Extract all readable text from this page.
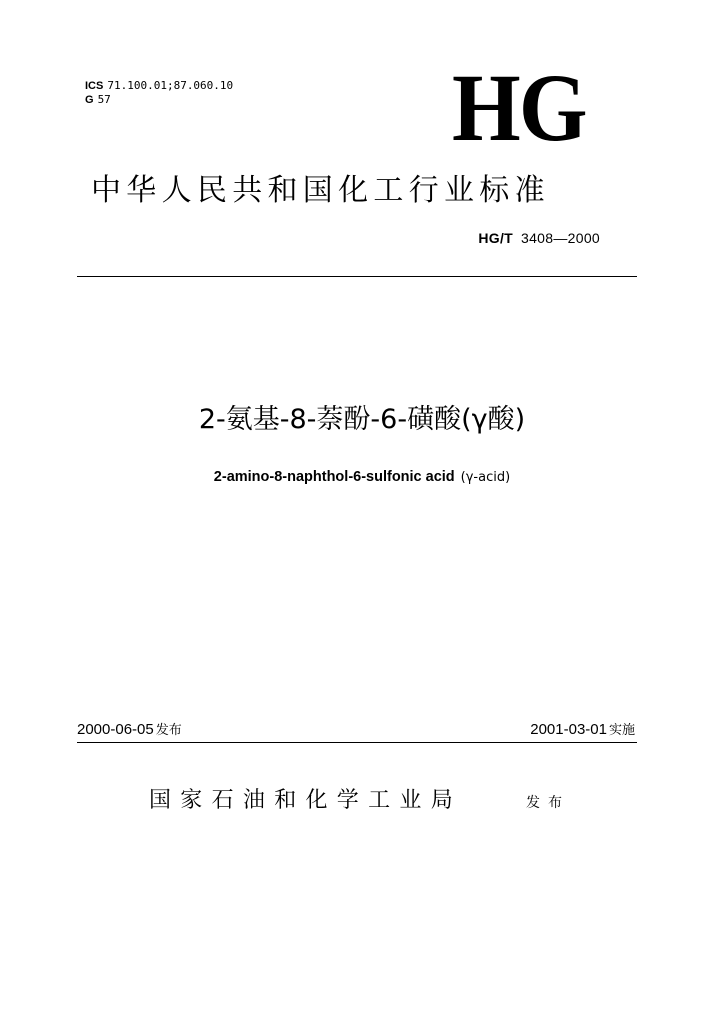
ICS 71.100.01;87.060.10
G 57	HG
中华人民共和国化工行业标准
HG/T 3408—2000
2-氨基-8-萘酚-6-磺酸(γ酸)
2-amino-8-naphthol-6-sulfonic acid (γ-acid)
2000-06-05 发布	2001-03-01 实施
国家石油和化学工业局	发布
